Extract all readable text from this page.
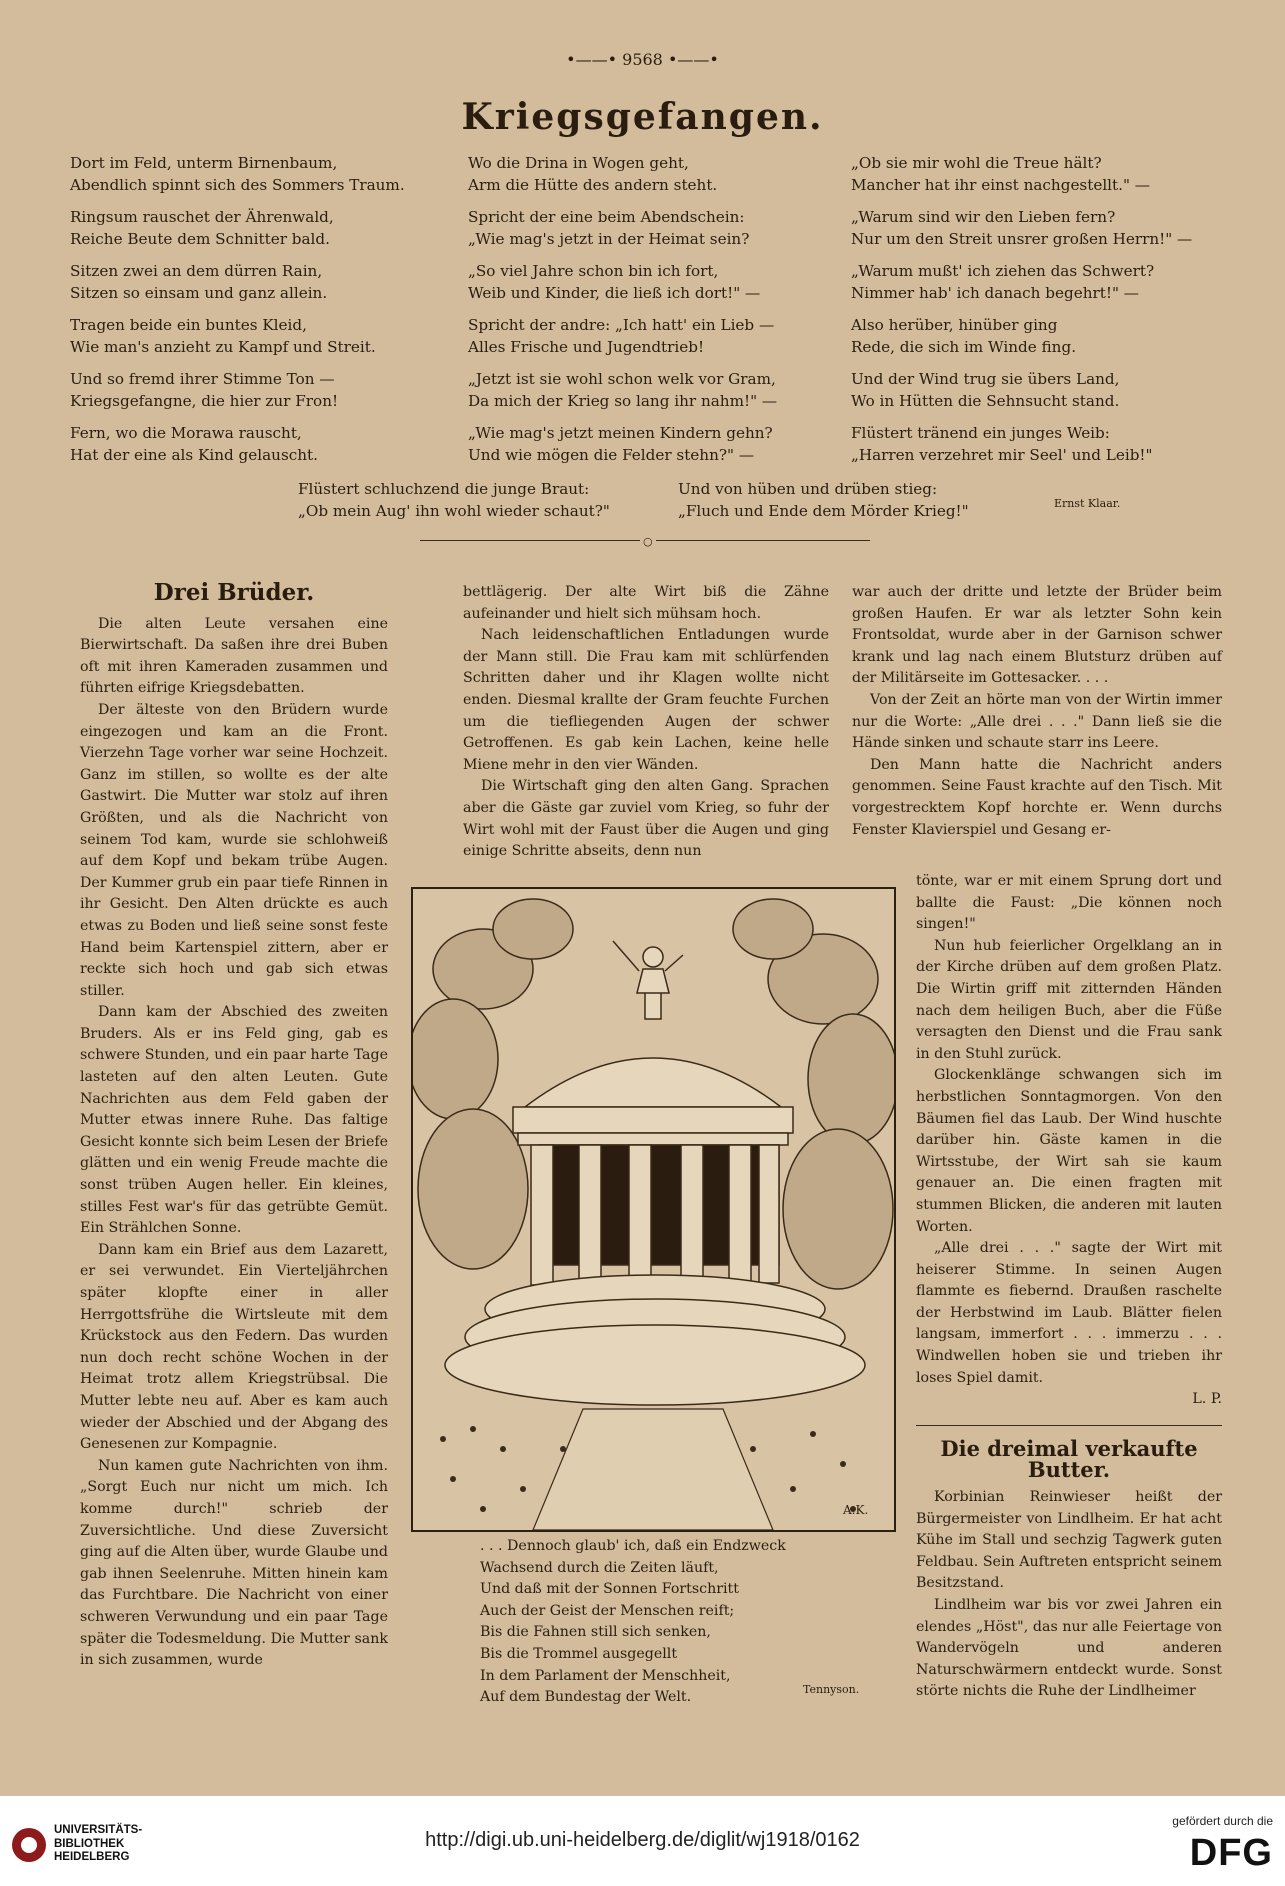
•——• 9568 •——•
Kriegsgefangen.
Dort im Feld, unterm Birnenbaum,
Abendlich spinnt sich des Sommers Traum.
Ringsum rauschet der Ährenwald,
Reiche Beute dem Schnitter bald.
Sitzen zwei an dem dürren Rain,
Sitzen so einsam und ganz allein.
Tragen beide ein buntes Kleid,
Wie man's anzieht zu Kampf und Streit.
Und so fremd ihrer Stimme Ton —
Kriegsgefangne, die hier zur Fron!
Fern, wo die Morawa rauscht,
Hat der eine als Kind gelauscht.
Wo die Drina in Wogen geht,
Arm die Hütte des andern steht.
Spricht der eine beim Abendschein:
„Wie mag's jetzt in der Heimat sein?
„So viel Jahre schon bin ich fort,
Weib und Kinder, die ließ ich dort!" —
Spricht der andre: „Ich hatt' ein Lieb —
Alles Frische und Jugendtrieb!
„Jetzt ist sie wohl schon welk vor Gram,
Da mich der Krieg so lang ihr nahm!" —
„Wie mag's jetzt meinen Kindern gehn?
Und wie mögen die Felder stehn?" —
„Ob sie mir wohl die Treue hält?
Mancher hat ihr einst nachgestellt." —
„Warum sind wir den Lieben fern?
Nur um den Streit unsrer großen Herrn!" —
„Warum mußt' ich ziehen das Schwert?
Nimmer hab' ich danach begehrt!" —
Also herüber, hinüber ging
Rede, die sich im Winde fing.
Und der Wind trug sie übers Land,
Wo in Hütten die Sehnsucht stand.
Flüstert tränend ein junges Weib:
„Harren verzehret mir Seel' und Leib!"
Flüstert schluchzend die junge Braut:
„Ob mein Aug' ihn wohl wieder schaut?"
Und von hüben und drüben stieg:
„Fluch und Ende dem Mörder Krieg!"	Ernst Klaar.
○
Drei Brüder.

Die alten Leute versahen eine Bierwirtschaft. Da saßen ihre drei Buben oft mit ihren Kameraden zusammen und führten eifrige Kriegsdebatten.

Der älteste von den Brüdern wurde eingezogen und kam an die Front. Vierzehn Tage vorher war seine Hochzeit. Ganz im stillen, so wollte es der alte Gastwirt. Die Mutter war stolz auf ihren Größten, und als die Nachricht von seinem Tod kam, wurde sie schlohweiß auf dem Kopf und bekam trübe Augen. Der Kummer grub ein paar tiefe Rinnen in ihr Gesicht. Den Alten drückte es auch etwas zu Boden und ließ seine sonst feste Hand beim Kartenspiel zittern, aber er reckte sich hoch und gab sich etwas stiller.

Dann kam der Abschied des zweiten Bruders. Als er ins Feld ging, gab es schwere Stunden, und ein paar harte Tage lasteten auf den alten Leuten. Gute Nachrichten aus dem Feld gaben der Mutter etwas innere Ruhe. Das faltige Gesicht konnte sich beim Lesen der Briefe glätten und ein wenig Freude machte die sonst trüben Augen heller. Ein kleines, stilles Fest war's für das getrübte Gemüt. Ein Strählchen Sonne.

Dann kam ein Brief aus dem Lazarett, er sei verwundet. Ein Vierteljährchen später klopfte einer in aller Herrgottsfrühe die Wirtsleute mit dem Krückstock aus den Federn. Das wurden nun doch recht schöne Wochen in der Heimat trotz allem Kriegstrübsal. Die Mutter lebte neu auf. Aber es kam auch wieder der Abschied und der Abgang des Genesenen zur Kompagnie.

Nun kamen gute Nachrichten von ihm. „Sorgt Euch nur nicht um mich. Ich komme durch!" schrieb der Zuversichtliche. Und diese Zuversicht ging auf die Alten über, wurde Glaube und gab ihnen Seelenruhe. Mitten hinein kam das Furchtbare. Die Nachricht von einer schweren Verwundung und ein paar Tage später die Todesmeldung. Die Mutter sank in sich zusammen, wurde

bettlägerig. Der alte Wirt biß die Zähne aufeinander und hielt sich mühsam hoch.

Nach leidenschaftlichen Entladungen wurde der Mann still. Die Frau kam mit schlürfenden Schritten daher und ihr Klagen wollte nicht enden. Diesmal krallte der Gram feuchte Furchen um die tiefliegenden Augen der schwer Getroffenen. Es gab kein Lachen, keine helle Miene mehr in den vier Wänden.

Die Wirtschaft ging den alten Gang. Sprachen aber die Gäste gar zuviel vom Krieg, so fuhr der Wirt wohl mit der Faust über die Augen und ging einige Schritte abseits, denn nun

war auch der dritte und letzte der Brüder beim großen Haufen. Er war als letzter Sohn kein Frontsoldat, wurde aber in der Garnison schwer krank und lag nach einem Blutsturz drüben auf der Militärseite im Gottesacker. . . .

Von der Zeit an hörte man von der Wirtin immer nur die Worte: „Alle drei . . ." Dann ließ sie die Hände sinken und schaute starr ins Leere.

Den Mann hatte die Nachricht anders genommen. Seine Faust krachte auf den Tisch. Mit vorgestrecktem Kopf horchte er. Wenn durchs Fenster Klavierspiel und Gesang er-

tönte, war er mit einem Sprung dort und ballte die Faust: „Die können noch singen!"

Nun hub feierlicher Orgelklang an in der Kirche drüben auf dem großen Platz. Die Wirtin griff mit zitternden Händen nach dem heiligen Buch, aber die Füße versagten den Dienst und die Frau sank in den Stuhl zurück.

Glockenklänge schwangen sich im herbstlichen Sonntagmorgen. Von den Bäumen fiel das Laub. Der Wind huschte darüber hin. Gäste kamen in die Wirtsstube, der Wirt sah sie kaum genauer an. Die einen fragten mit stummen Blicken, die anderen mit lauten Worten.

„Alle drei . . ." sagte der Wirt mit heiserer Stimme. In seinen Augen flammte es fiebernd. Draußen raschelte der Herbstwind im Laub. Blätter fielen langsam, immerfort . . . immerzu . . . Windwellen hoben sie und trieben ihr loses Spiel damit.

L. P.
Die dreimal verkaufte Butter.

Korbinian Reinwieser heißt der Bürgermeister von Lindlheim. Er hat acht Kühe im Stall und sechzig Tagwerk guten Feldbau. Sein Auftreten entspricht seinem Besitzstand.

Lindlheim war bis vor zwei Jahren ein elendes „Höst", das nur alle Feiertage von Wandervögeln und anderen Naturschwärmern entdeckt wurde. Sonst störte nichts die Ruhe der Lindlheimer

A.K.
. . . Dennoch glaub' ich, daß ein Endzweck
Wachsend durch die Zeiten läuft,
Und daß mit der Sonnen Fortschritt
Auch der Geist der Menschen reift;
Bis die Fahnen still sich senken,
Bis die Trommel ausgegellt
In dem Parlament der Menschheit,
Auf dem Bundestag der Welt.	Tennyson.
UNIVERSITÄTS-
BIBLIOTHEK
HEIDELBERG
http://digi.ub.uni-heidelberg.de/diglit/wj1918/0162
gefördert durch die
DFG
